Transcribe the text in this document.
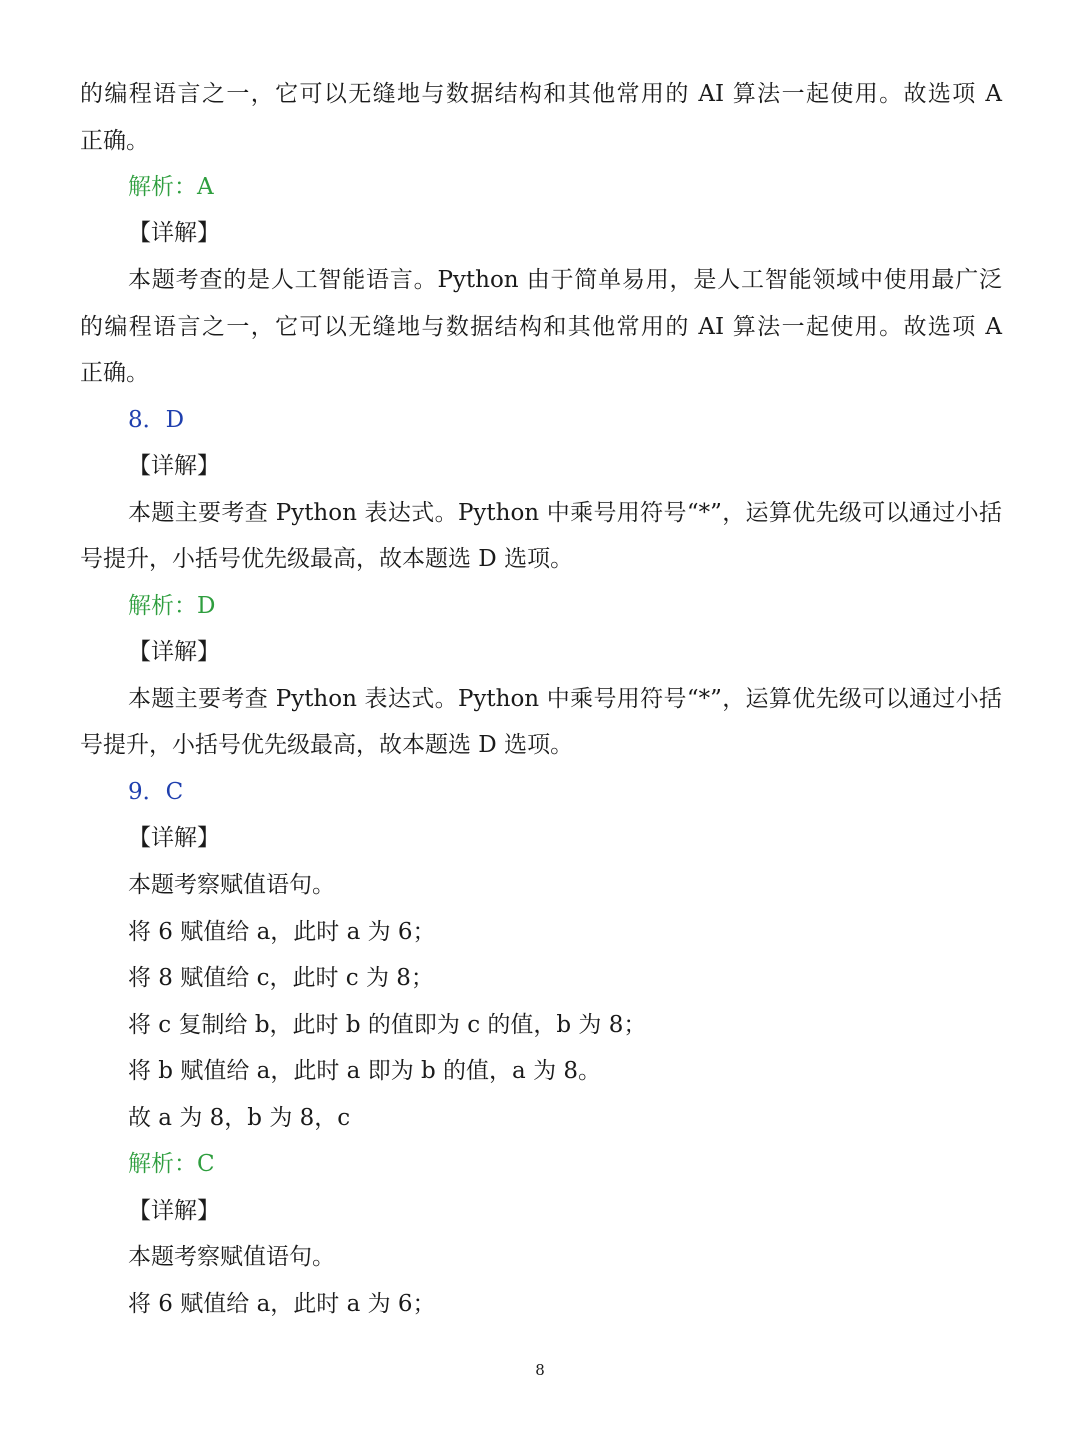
的编程语言之一，它可以无缝地与数据结构和其他常用的 AI 算法一起使用。故选项 A
正确。
解析：A
【详解】
本题考查的是人工智能语言。Python 由于简单易用，是人工智能领域中使用最广泛
的编程语言之一，它可以无缝地与数据结构和其他常用的 AI 算法一起使用。故选项 A
正确。
8．D
【详解】
本题主要考查 Python 表达式。Python 中乘号用符号“*”，运算优先级可以通过小括
号提升，小括号优先级最高，故本题选 D 选项。
解析：D
【详解】
本题主要考查 Python 表达式。Python 中乘号用符号“*”，运算优先级可以通过小括
号提升，小括号优先级最高，故本题选 D 选项。
9．C
【详解】
本题考察赋值语句。
将 6 赋值给 a，此时 a 为 6；
将 8 赋值给 c，此时 c 为 8；
将 c 复制给 b，此时 b 的值即为 c 的值，b 为 8；
将 b 赋值给 a，此时 a 即为 b 的值，a 为 8。
故 a 为 8，b 为 8，c
解析：C
【详解】
本题考察赋值语句。
将 6 赋值给 a，此时 a 为 6；
8
